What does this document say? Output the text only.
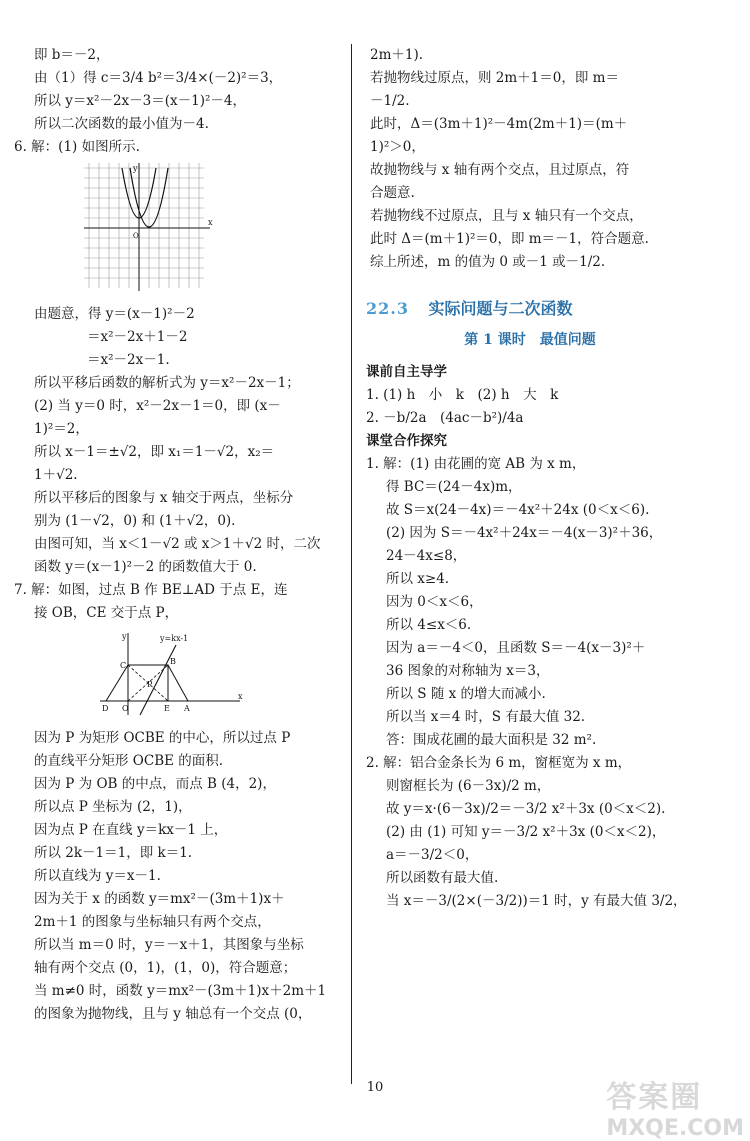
即 b＝－2，
由（1）得 c＝3/4 b²＝3/4×(－2)²＝3，
所以 y＝x²－2x－3＝(x－1)²－4，
所以二次函数的最小值为－4.
6. 解：(1) 如图所示.
x
y
O
由题意，得 y＝(x－1)²－2
＝x²－2x＋1－2
＝x²－2x－1.
所以平移后函数的解析式为 y＝x²－2x－1；
(2) 当 y＝0 时，x²－2x－1＝0，即 (x－
1)²＝2，
所以 x－1＝±√2，即 x₁＝1－√2，x₂＝
1＋√2.
所以平移后的图象与 x 轴交于两点，坐标分
别为 (1－√2，0) 和 (1＋√2，0).
由图可知，当 x＜1－√2 或 x＞1＋√2 时，二次
函数 y＝(x－1)²－2 的函数值大于 0.
7. 解：如图，过点 B 作 BE⊥AD 于点 E，连
接 OB，CE 交于点 P，
x
y	y=kx-1
C	B
D O
P
E A
因为 P 为矩形 OCBE 的中心，所以过点 P
的直线平分矩形 OCBE 的面积.
因为 P 为 OB 的中点，而点 B (4，2)，
所以点 P 坐标为 (2，1)，
因为点 P 在直线 y＝kx－1 上，
所以 2k－1＝1，即 k＝1.
所以直线为 y＝x－1.
因为关于 x 的函数 y＝mx²－(3m＋1)x＋
2m＋1 的图象与坐标轴只有两个交点，
所以当 m＝0 时，y＝－x＋1，其图象与坐标
轴有两个交点 (0，1)，(1，0)，符合题意；
当 m≠0 时，函数 y＝mx²－(3m＋1)x＋2m＋1
的图象为抛物线，且与 y 轴总有一个交点 (0，
2m＋1).
若抛物线过原点，则 2m＋1＝0，即 m＝
－1/2.
此时，Δ＝(3m＋1)²－4m(2m＋1)＝(m＋
1)²＞0，
故抛物线与 x 轴有两个交点，且过原点，符
合题意.
若抛物线不过原点，且与 x 轴只有一个交点，
此时 Δ＝(m＋1)²＝0，即 m＝－1，符合题意.
综上所述，m 的值为 0 或－1 或－1/2.
22.3 实际问题与二次函数
第 1 课时　最值问题
课前自主导学
1. (1) h　小　k　(2) h　大　k
2. －b/2a　(4ac－b²)/4a
课堂合作探究
1. 解：(1) 由花圃的宽 AB 为 x m，
得 BC＝(24－4x)m，
故 S＝x(24－4x)＝－4x²＋24x (0＜x＜6).
(2) 因为 S＝－4x²＋24x＝－4(x－3)²＋36，
24－4x≤8，
所以 x≥4.
因为 0＜x＜6，
所以 4≤x＜6.
因为 a＝－4＜0，且函数 S＝－4(x－3)²＋
36 图象的对称轴为 x＝3，
所以 S 随 x 的增大而减小.
所以当 x＝4 时，S 有最大值 32.
答：围成花圃的最大面积是 32 m².
2. 解：铝合金条长为 6 m，窗框宽为 x m，
则窗框长为 (6－3x)/2 m，
故 y＝x·(6－3x)/2＝－3/2 x²＋3x (0＜x＜2).
(2) 由 (1) 可知 y＝－3/2 x²＋3x (0＜x＜2)，
a＝－3/2＜0，
所以函数有最大值.
当 x＝－3/(2×(－3/2))＝1 时，y 有最大值 3/2，
10	答案圈
MXQE.COM
